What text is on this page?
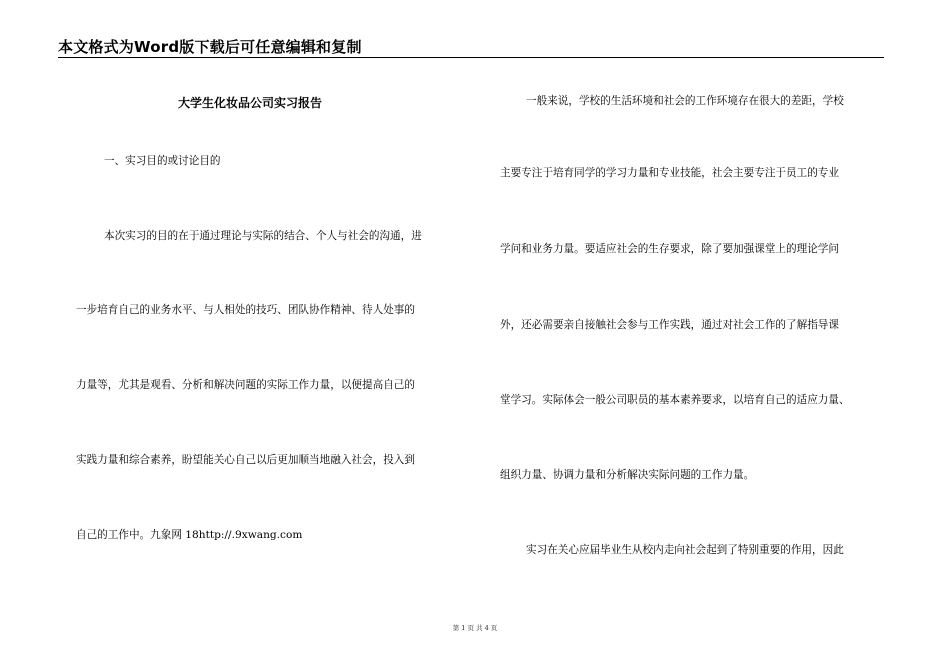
本文格式为Word版下载后可任意编辑和复制
大学生化妆品公司实习报告
一、实习目的或讨论目的
本次实习的目的在于通过理论与实际的结合、个人与社会的沟通，进
一步培育自己的业务水平、与人相处的技巧、团队协作精神、待人处事的
力量等，尤其是观看、分析和解决问题的实际工作力量，以便提高自己的
实践力量和综合素养，盼望能关心自己以后更加顺当地融入社会，投入到
自己的工作中。九象网 18http://.9xwang.com
一般来说，学校的生活环境和社会的工作环境存在很大的差距，学校
主要专注于培育同学的学习力量和专业技能，社会主要专注于员工的专业
学问和业务力量。要适应社会的生存要求，除了要加强课堂上的理论学问
外，还必需要亲自接触社会参与工作实践，通过对社会工作的了解指导课
堂学习。实际体会一般公司职员的基本素养要求，以培育自己的适应力量、
组织力量、协调力量和分析解决实际问题的工作力量。
实习在关心应届毕业生从校内走向社会起到了特别重要的作用，因此
第 1 页 共 4 页
